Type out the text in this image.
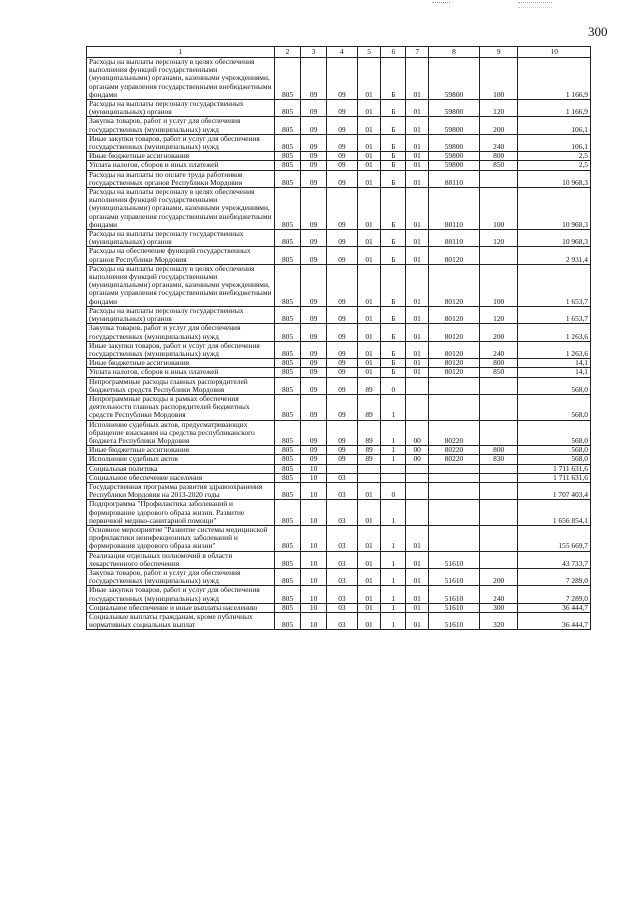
300
1	2	3	4	5	6	7	8	9	10
Расходы на выплаты персоналу в целях обеспечения выполнения функций государственными (муниципальными) органами, казенными учреждениями, органами управления государственными внебюджетными фондами	805	09	09	01	Б	01	59800	100	1 166,9
Расходы на выплаты персоналу государственных (муниципальных) органов	805	09	09	01	Б	01	59800	120	1 166,9
Закупка товаров, работ и услуг для обеспечения государственных (муниципальных) нужд	805	09	09	01	Б	01	59800	200	106,1
Иные закупки товаров, работ и услуг для обеспечения государственных (муниципальных) нужд	805	09	09	01	Б	01	59800	240	106,1
Иные бюджетные ассигнования	805	09	09	01	Б	01	59800	800	2,5
Уплата налогов, сборов и иных платежей	805	09	09	01	Б	01	59800	850	2,5
Расходы на выплаты по оплате труда работников государственных органов Республики Мордовия	805	09	09	01	Б	01	80110		10 968,3
Расходы на выплаты персоналу в целях обеспечения выполнения функций государственными (муниципальными) органами, казенными учреждениями, органами управления государственными внебюджетными фондами	805	09	09	01	Б	01	80110	100	10 968,3
Расходы на выплаты персоналу государственных (муниципальных) органов	805	09	09	01	Б	01	80110	120	10 968,3
Расходы на обеспечение функций государственных органов Республики Мордовия	805	09	09	01	Б	01	80120		2 931,4
Расходы на выплаты персоналу в целях обеспечения выполнения функций государственными (муниципальными) органами, казенными учреждениями, органами управления государственными внебюджетными фондами	805	09	09	01	Б	01	80120	100	1 653,7
Расходы на выплаты персоналу государственных (муниципальных) органов	805	09	09	01	Б	01	80120	120	1 653,7
Закупка товаров, работ и услуг для обеспечения государственных (муниципальных) нужд	805	09	09	01	Б	01	80120	200	1 263,6
Иные закупки товаров, работ и услуг для обеспечения государственных (муниципальных) нужд	805	09	09	01	Б	01	80120	240	1 263,6
Иные бюджетные ассигнования	805	09	09	01	Б	01	80120	800	14,1
Уплата налогов, сборов и иных платежей	805	09	09	01	Б	01	80120	850	14,1
Непрограммные расходы главных распорядителей бюджетных средств Республики Мордовия	805	09	09	89	0				568,0
Непрограммные расходы в рамках обеспечения деятельности главных распорядителей бюджетных средств Республики Мордовия	805	09	09	89	1				568,0
Исполнение судебных актов, предусматривающих обращение взыскания на средства республиканского бюджета Республики Мордовия	805	09	09	89	1	00	80220		568,0
Иные бюджетные ассигнования	805	09	09	89	1	00	80220	800	568,0
Исполнение судебных актов	805	09	09	89	1	00	80220	830	568,0
Социальная политика	805	10							1 711 631,6
Социальное обеспечение населения	805	10	03						1 711 631,6
Государственная программа развития здравоохранения Республики Мордовия на 2013-2020 годы	805	10	03	01	0				1 707 403,4
Подпрограмма "Профилактика заболеваний и формирование здорового образа жизни. Развитие первичной медико-санитарной помощи"	805	10	03	01	1				1 656 854,1
Основное мероприятие "Развитие системы медицинской профилактики неинфекционных заболеваний и формирования здорового образа жизни"	805	10	03	01	1	01			155 669,7
Реализация отдельных полномочий в области лекарственного обеспечения	805	10	03	01	1	01	51610		43 733,7
Закупка товаров, работ и услуг для обеспечения государственных (муниципальных) нужд	805	10	03	01	1	01	51610	200	7 289,0
Иные закупки товаров, работ и услуг для обеспечения государственных (муниципальных) нужд	805	10	03	01	1	01	51610	240	7 289,0
Социальное обеспечение и иные выплаты населению	805	10	03	01	1	01	51610	300	36 444,7
Социальные выплаты гражданам, кроме публичных нормативных социальных выплат	805	10	03	01	1	01	51610	320	36 444,7
